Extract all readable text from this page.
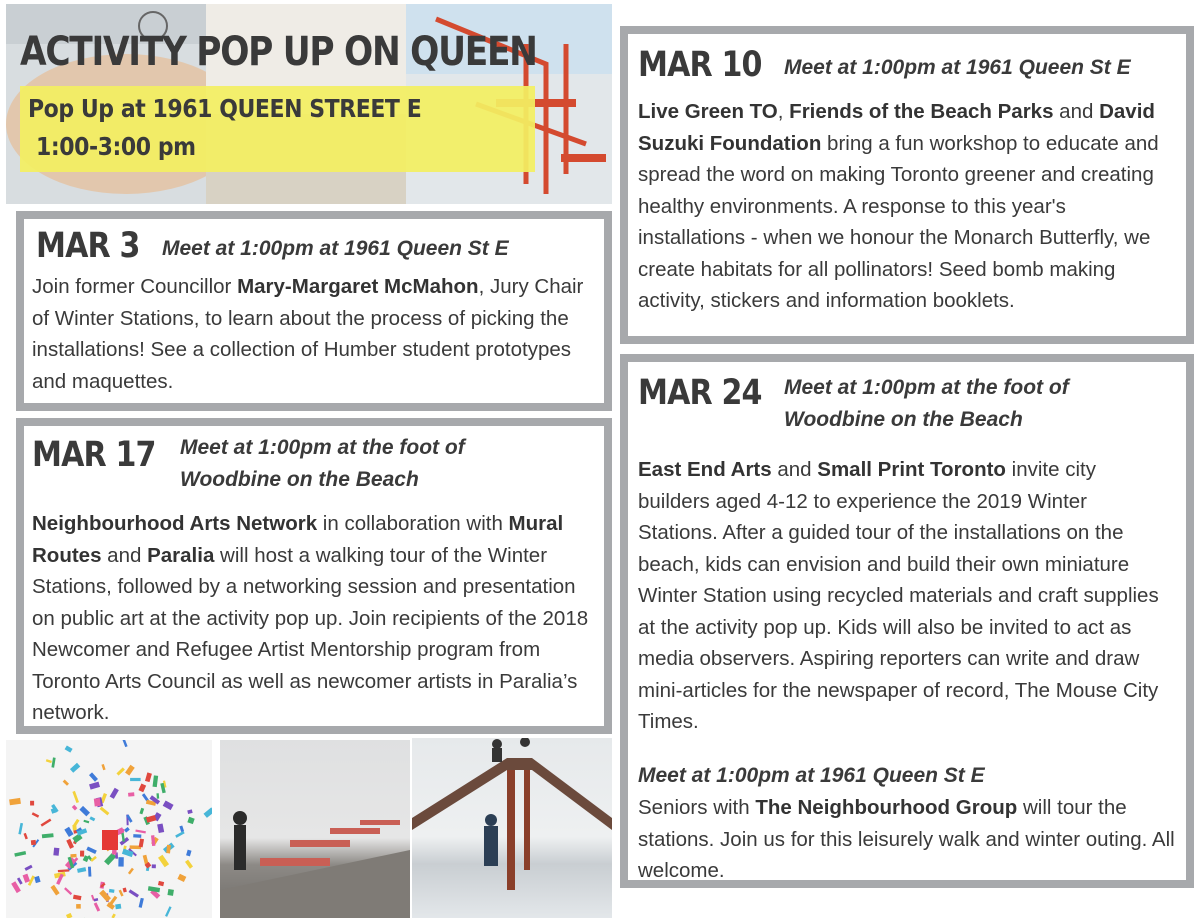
ACTIVITY POP UP ON QUEEN
Pop Up at 1961 QUEEN STREET E
1:00-3:00 pm
MAR 3 Meet at 1:00pm at 1961 Queen St E
Join former Councillor Mary-Margaret McMahon, Jury Chair of Winter Stations, to learn about the process of picking the installations! See a collection of Humber student prototypes and maquettes.
MAR 17 Meet at 1:00pm at the foot of Woodbine on the Beach
Neighbourhood Arts Network in collaboration with Mural Routes and Paralia will host a walking tour of the Winter Stations, followed by a networking session and presentation on public art at the activity pop up. Join recipients of the 2018 Newcomer and Refugee Artist Mentorship program from Toronto Arts Council as well as newcomer artists in Paralia’s network.
MAR 10 Meet at 1:00pm at 1961 Queen St E
Live Green TO, Friends of the Beach Parks and David Suzuki Foundation bring a fun workshop to educate and spread the word on making Toronto greener and creating healthy environments. A response to this year's installations - when we honour the Monarch Butterfly, we create habitats for all pollinators! Seed bomb making activity, stickers and information booklets.
MAR 24 Meet at 1:00pm at the foot of Woodbine on the Beach
East End Arts and Small Print Toronto invite city builders aged 4-12 to experience the 2019 Winter Stations. After a guided tour of the installations on the beach, kids can envision and build their own miniature Winter Station using recycled materials and craft supplies at the activity pop up. Kids will also be invited to act as media observers. Aspiring reporters can write and draw mini-articles for the newspaper of record, The Mouse City Times.
Meet at 1:00pm at 1961 Queen St E
Seniors with The Neighbourhood Group will tour the stations. Join us for this leisurely walk and winter outing. All welcome.
